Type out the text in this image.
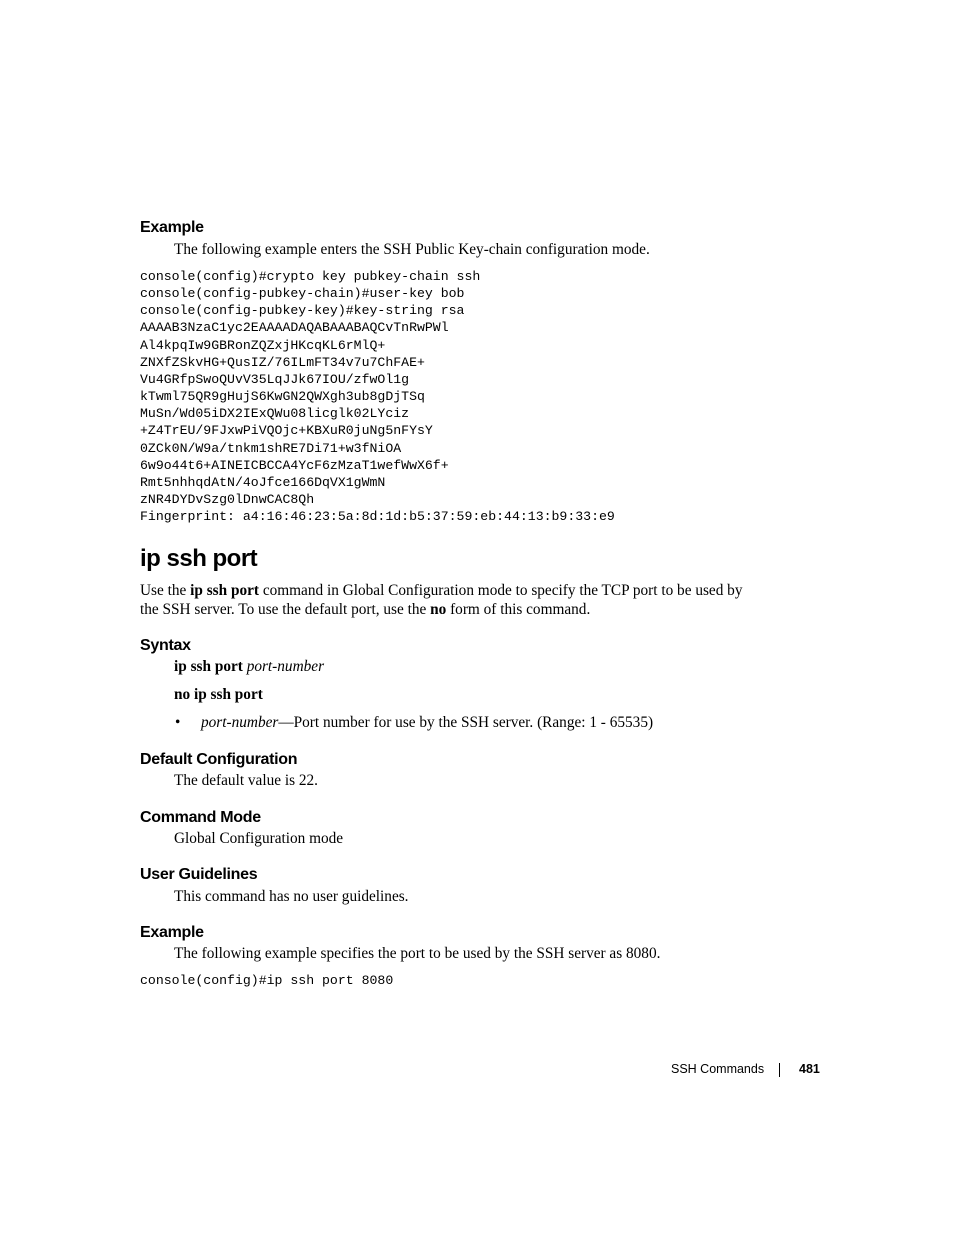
Example

The following example enters the SSH Public Key-chain configuration mode.

console(config)#crypto key pubkey-chain ssh
console(config-pubkey-chain)#user-key bob
console(config-pubkey-key)#key-string rsa
AAAAB3NzaC1yc2EAAAADAQABAAABAQCvTnRwPWl
Al4kpqIw9GBRonZQZxjHKcqKL6rMlQ+
ZNXfZSkvHG+QusIZ/76ILmFT34v7u7ChFAE+
Vu4GRfpSwoQUvV35LqJJk67IOU/zfwOl1g
kTwml75QR9gHujS6KwGN2QWXgh3ub8gDjTSq
MuSn/Wd05iDX2IExQWu08licglk02LYciz
+Z4TrEU/9FJxwPiVQOjc+KBXuR0juNg5nFYsY
0ZCk0N/W9a/tnkm1shRE7Di71+w3fNiOA
6w9o44t6+AINEICBCCA4YcF6zMzaT1wefWwX6f+
Rmt5nhhqdAtN/4oJfce166DqVX1gWmN
zNR4DYDvSzg0lDnwCAC8Qh
Fingerprint: a4:16:46:23:5a:8d:1d:b5:37:59:eb:44:13:b9:33:e9
ip ssh port

Use the ip ssh port command in Global Configuration mode to specify the TCP port to be used by

the SSH server. To use the default port, use the no form of this command.

Syntax

ip ssh port port-number

no ip ssh port

• port-number—Port number for use by the SSH server. (Range: 1 - 65535)

Default Configuration

The default value is 22.

Command Mode

Global Configuration mode

User Guidelines

This command has no user guidelines.

Example

The following example specifies the port to be used by the SSH server as 8080.

console(config)#ip ssh port 8080
SSH Commands	481
